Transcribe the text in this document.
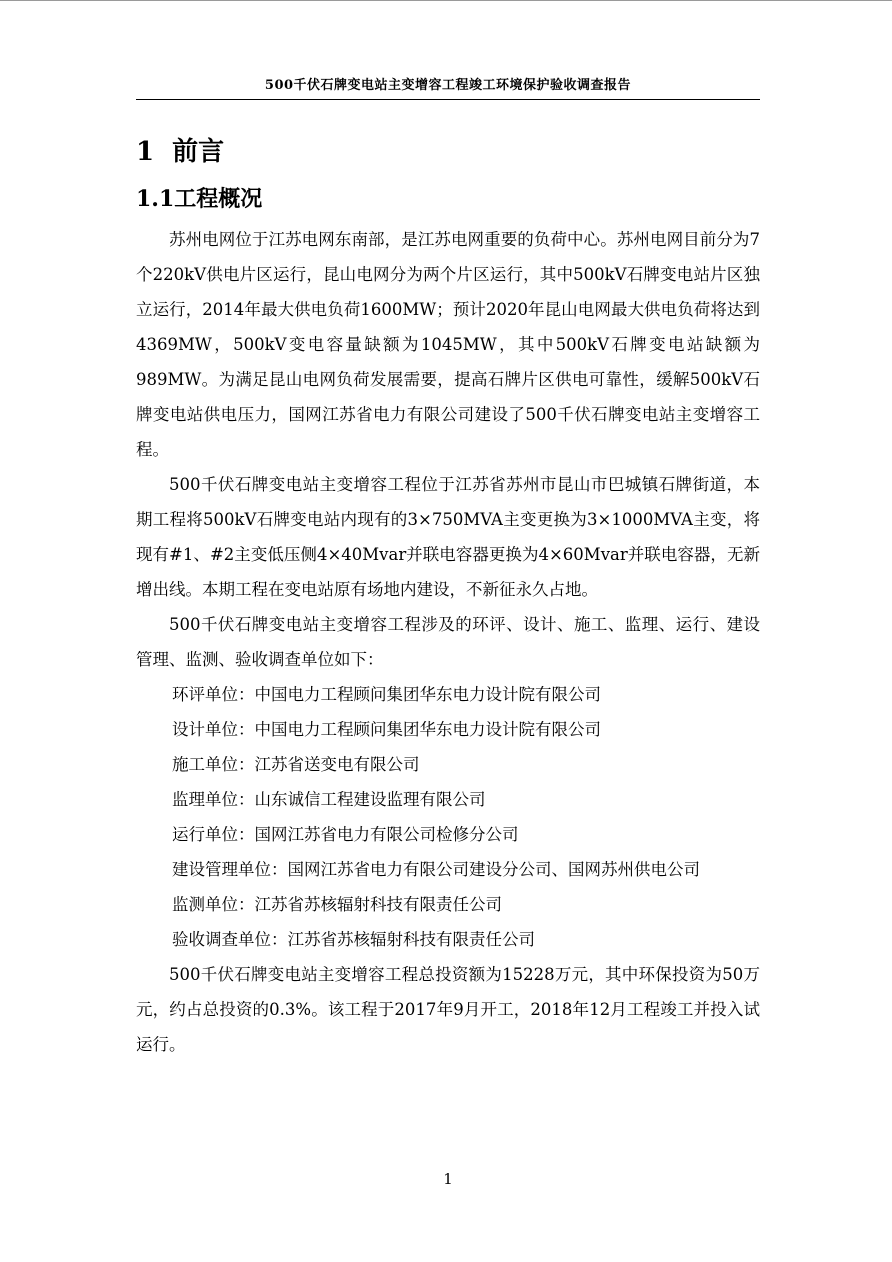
500千伏石牌变电站主变增容工程竣工环境保护验收调查报告
1 前言
1.1工程概况

苏州电网位于江苏电网东南部，是江苏电网重要的负荷中心。苏州电网目前分为7个220kV供电片区运行，昆山电网分为两个片区运行，其中500kV石牌变电站片区独立运行，2014年最大供电负荷1600MW；预计2020年昆山电网最大供电负荷将达到4369MW，500kV变电容量缺额为1045MW，其中500kV石牌变电站缺额为989MW。为满足昆山电网负荷发展需要，提高石牌片区供电可靠性，缓解500kV石牌变电站供电压力，国网江苏省电力有限公司建设了500千伏石牌变电站主变增容工程。

500千伏石牌变电站主变增容工程位于江苏省苏州市昆山市巴城镇石牌街道，本期工程将500kV石牌变电站内现有的3×750MVA主变更换为3×1000MVA主变，将现有#1、#2主变低压侧4×40Mvar并联电容器更换为4×60Mvar并联电容器，无新增出线。本期工程在变电站原有场地内建设，不新征永久占地。

500千伏石牌变电站主变增容工程涉及的环评、设计、施工、监理、运行、建设管理、监测、验收调查单位如下：

环评单位：中国电力工程顾问集团华东电力设计院有限公司

设计单位：中国电力工程顾问集团华东电力设计院有限公司

施工单位：江苏省送变电有限公司

监理单位：山东诚信工程建设监理有限公司

运行单位：国网江苏省电力有限公司检修分公司

建设管理单位：国网江苏省电力有限公司建设分公司、国网苏州供电公司

监测单位：江苏省苏核辐射科技有限责任公司

验收调查单位：江苏省苏核辐射科技有限责任公司

500千伏石牌变电站主变增容工程总投资额为15228万元，其中环保投资为50万元，约占总投资的0.3%。该工程于2017年9月开工，2018年12月工程竣工并投入试运行。

1
